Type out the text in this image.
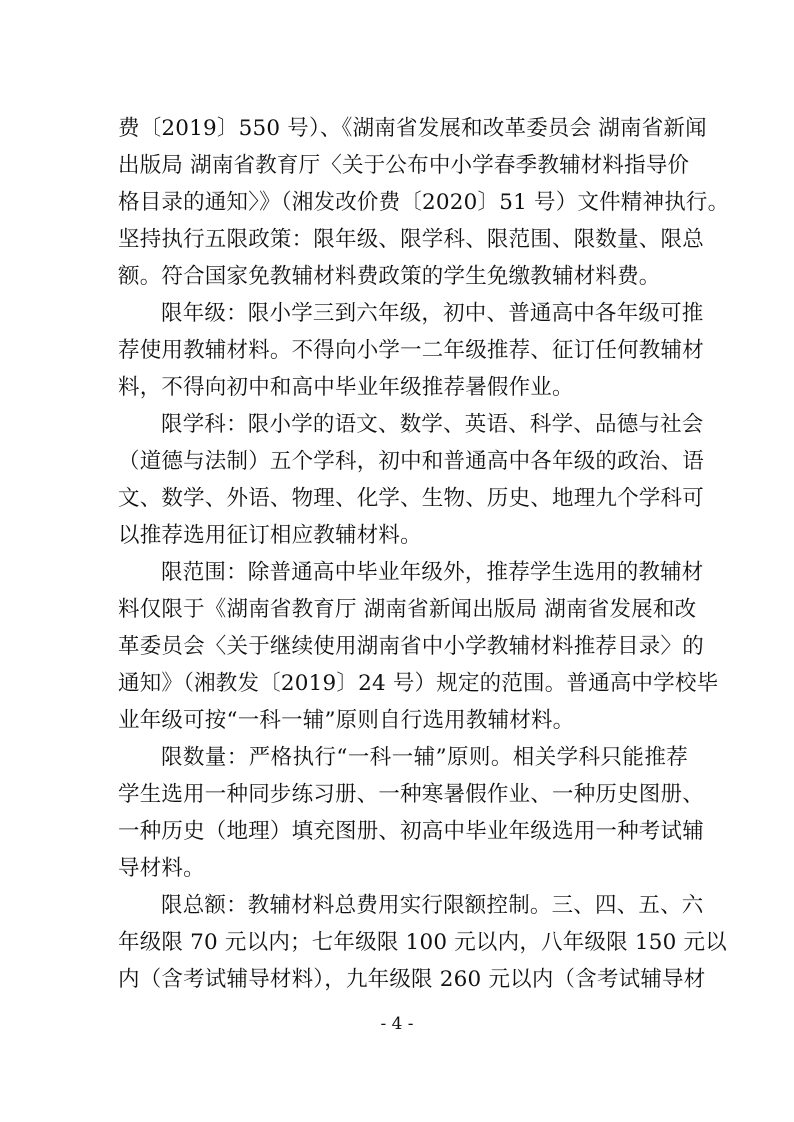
费〔2019〕550 号）、《湖南省发展和改革委员会 湖南省新闻
出版局 湖南省教育厅〈关于公布中小学春季教辅材料指导价
格目录的通知〉》（湘发改价费〔2020〕51 号）文件精神执行。
坚持执行五限政策：限年级、限学科、限范围、限数量、限总
额。符合国家免教辅材料费政策的学生免缴教辅材料费。
限年级：限小学三到六年级，初中、普通高中各年级可推
荐使用教辅材料。不得向小学一二年级推荐、征订任何教辅材
料，不得向初中和高中毕业年级推荐暑假作业。
限学科：限小学的语文、数学、英语、科学、品德与社会
（道德与法制）五个学科，初中和普通高中各年级的政治、语
文、数学、外语、物理、化学、生物、历史、地理九个学科可
以推荐选用征订相应教辅材料。
限范围：除普通高中毕业年级外，推荐学生选用的教辅材
料仅限于《湖南省教育厅 湖南省新闻出版局 湖南省发展和改
革委员会〈关于继续使用湖南省中小学教辅材料推荐目录〉的
通知》（湘教发〔2019〕24 号）规定的范围。普通高中学校毕
业年级可按“一科一辅”原则自行选用教辅材料。
限数量：严格执行“一科一辅”原则。相关学科只能推荐
学生选用一种同步练习册、一种寒暑假作业、一种历史图册、
一种历史（地理）填充图册、初高中毕业年级选用一种考试辅
导材料。
限总额：教辅材料总费用实行限额控制。三、四、五、六
年级限 70 元以内；七年级限 100 元以内，八年级限 150 元以
内（含考试辅导材料），九年级限 260 元以内（含考试辅导材
- 4 -
